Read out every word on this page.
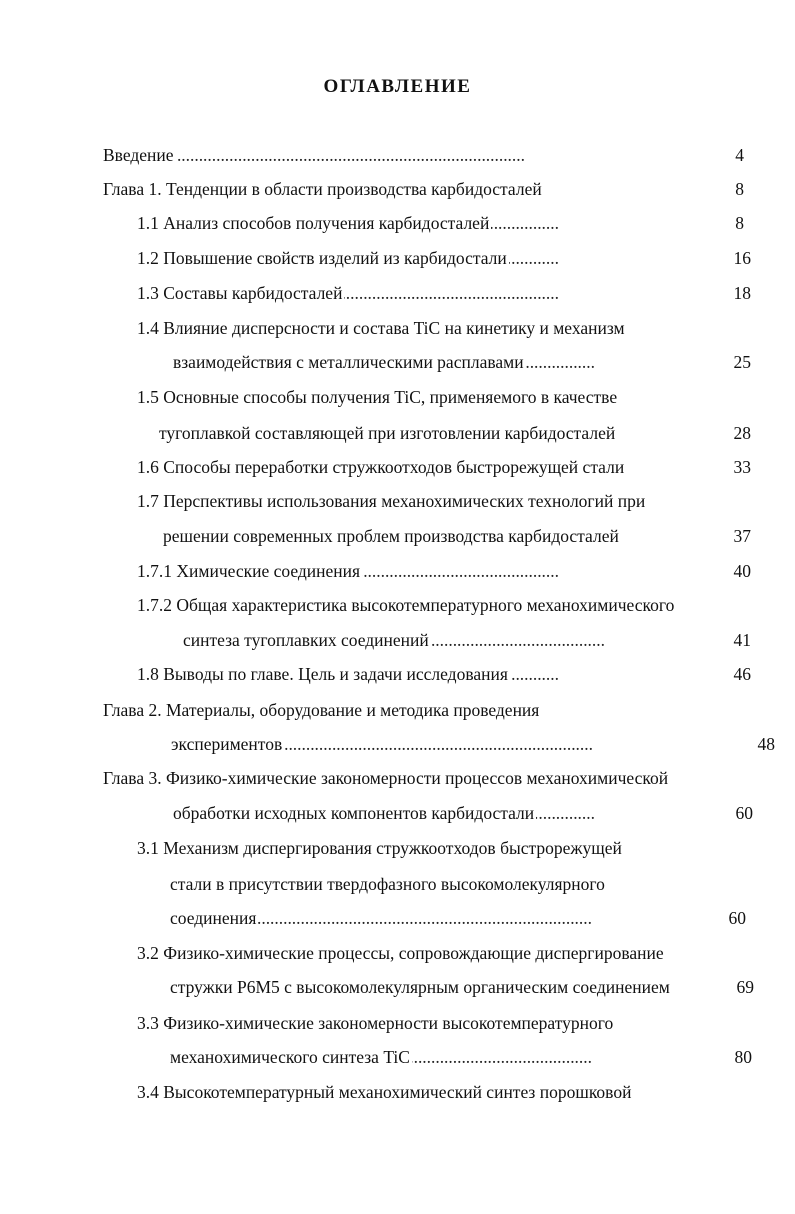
ОГЛАВЛЕНИЕ
. . . Введение	4
. . . Глава 1. Тенденции в области производства карбидосталей	8
. . . 1.1 Анализ способов получения карбидосталей	8
. . . 1.2 Повышение свойств изделий из карбидостали	16
. . . 1.3 Составы карбидосталей	18
1.4 Влияние дисперсности и состава TiC на кинетику и механизм
. . . взаимодействия с металлическими расплавами	25
1.5 Основные способы получения TiC, применяемого в качестве
. . . тугоплавкой составляющей при изготовлении карбидосталей	28
. . . 1.6 Способы переработки стружкоотходов быстрорежущей стали	33
1.7 Перспективы использования механохимических технологий при
. . . решении современных проблем производства карбидосталей	37
. . . 1.7.1 Химические соединения	40
1.7.2 Общая характеристика высокотемпературного механохимического
. . . синтеза тугоплавких соединений	41
. . . 1.8 Выводы по главе. Цель и задачи исследования	46
Глава 2. Материалы, оборудование и методика проведения
. . . экспериментов	48
Глава 3. Физико-химические закономерности процессов механохимической
. . . обработки исходных компонентов карбидостали	60
3.1 Механизм диспергирования стружкоотходов быстрорежущей
стали в присутствии твердофазного высокомолекулярного
. . . соединения	60
3.2 Физико-химические процессы, сопровождающие диспергирование
. . . стружки Р6М5 с высокомолекулярным органическим соединением	69
3.3 Физико-химические закономерности высокотемпературного
. . . механохимического синтеза TiC	80
3.4 Высокотемпературный механохимический синтез порошковой
